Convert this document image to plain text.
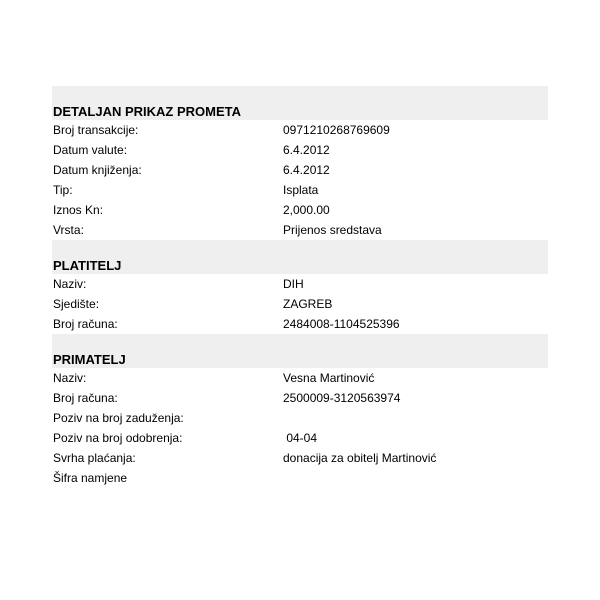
DETALJAN PRIKAZ PROMETA
Broj transakcije:	0971210268769609
Datum valute:	6.4.2012
Datum knjiženja:	6.4.2012
Tip:	Isplata
Iznos Kn:	2,000.00
Vrsta:	Prijenos sredstava
PLATITELJ
Naziv:	DIH
Sjedište:	ZAGREB
Broj računa:	2484008-1104525396
PRIMATELJ
Naziv:	Vesna Martinović
Broj računa:	2500009-3120563974
Poziv na broj zaduženja:
Poziv na broj odobrenja:	04-04
Svrha plaćanja:	donacija za obitelj Martinović
Šifra namjene
